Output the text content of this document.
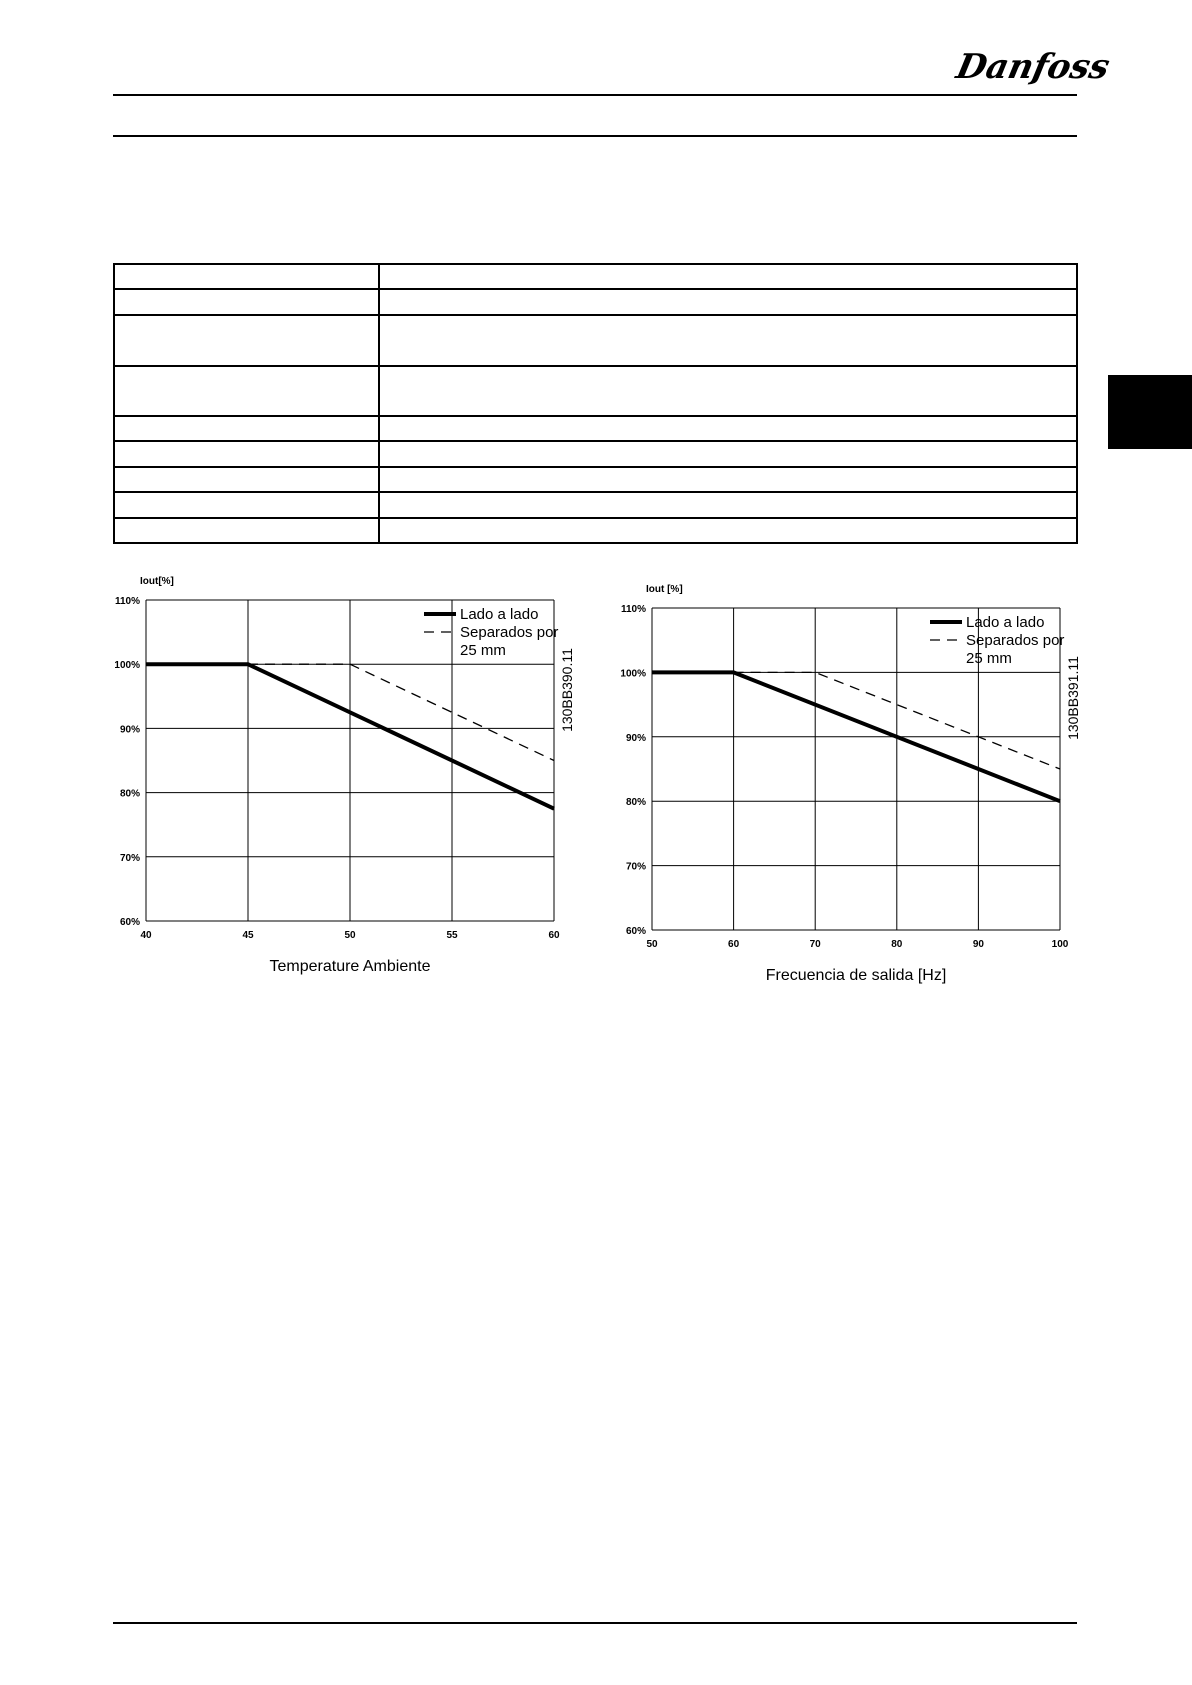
Danfoss

Iout[%]
60%
70%
80%
90%
100%
110%
40	45	50	55	60
Lado a lado
Separados por
25 mm	130BB390.11
Temperature Ambiente
Iout [%]
60%
70%
80%
90%
100%
110%
50	60	70	80	90	100
Lado a lado
Separados por
25 mm	130BB391.11
Frecuencia de salida [Hz]
